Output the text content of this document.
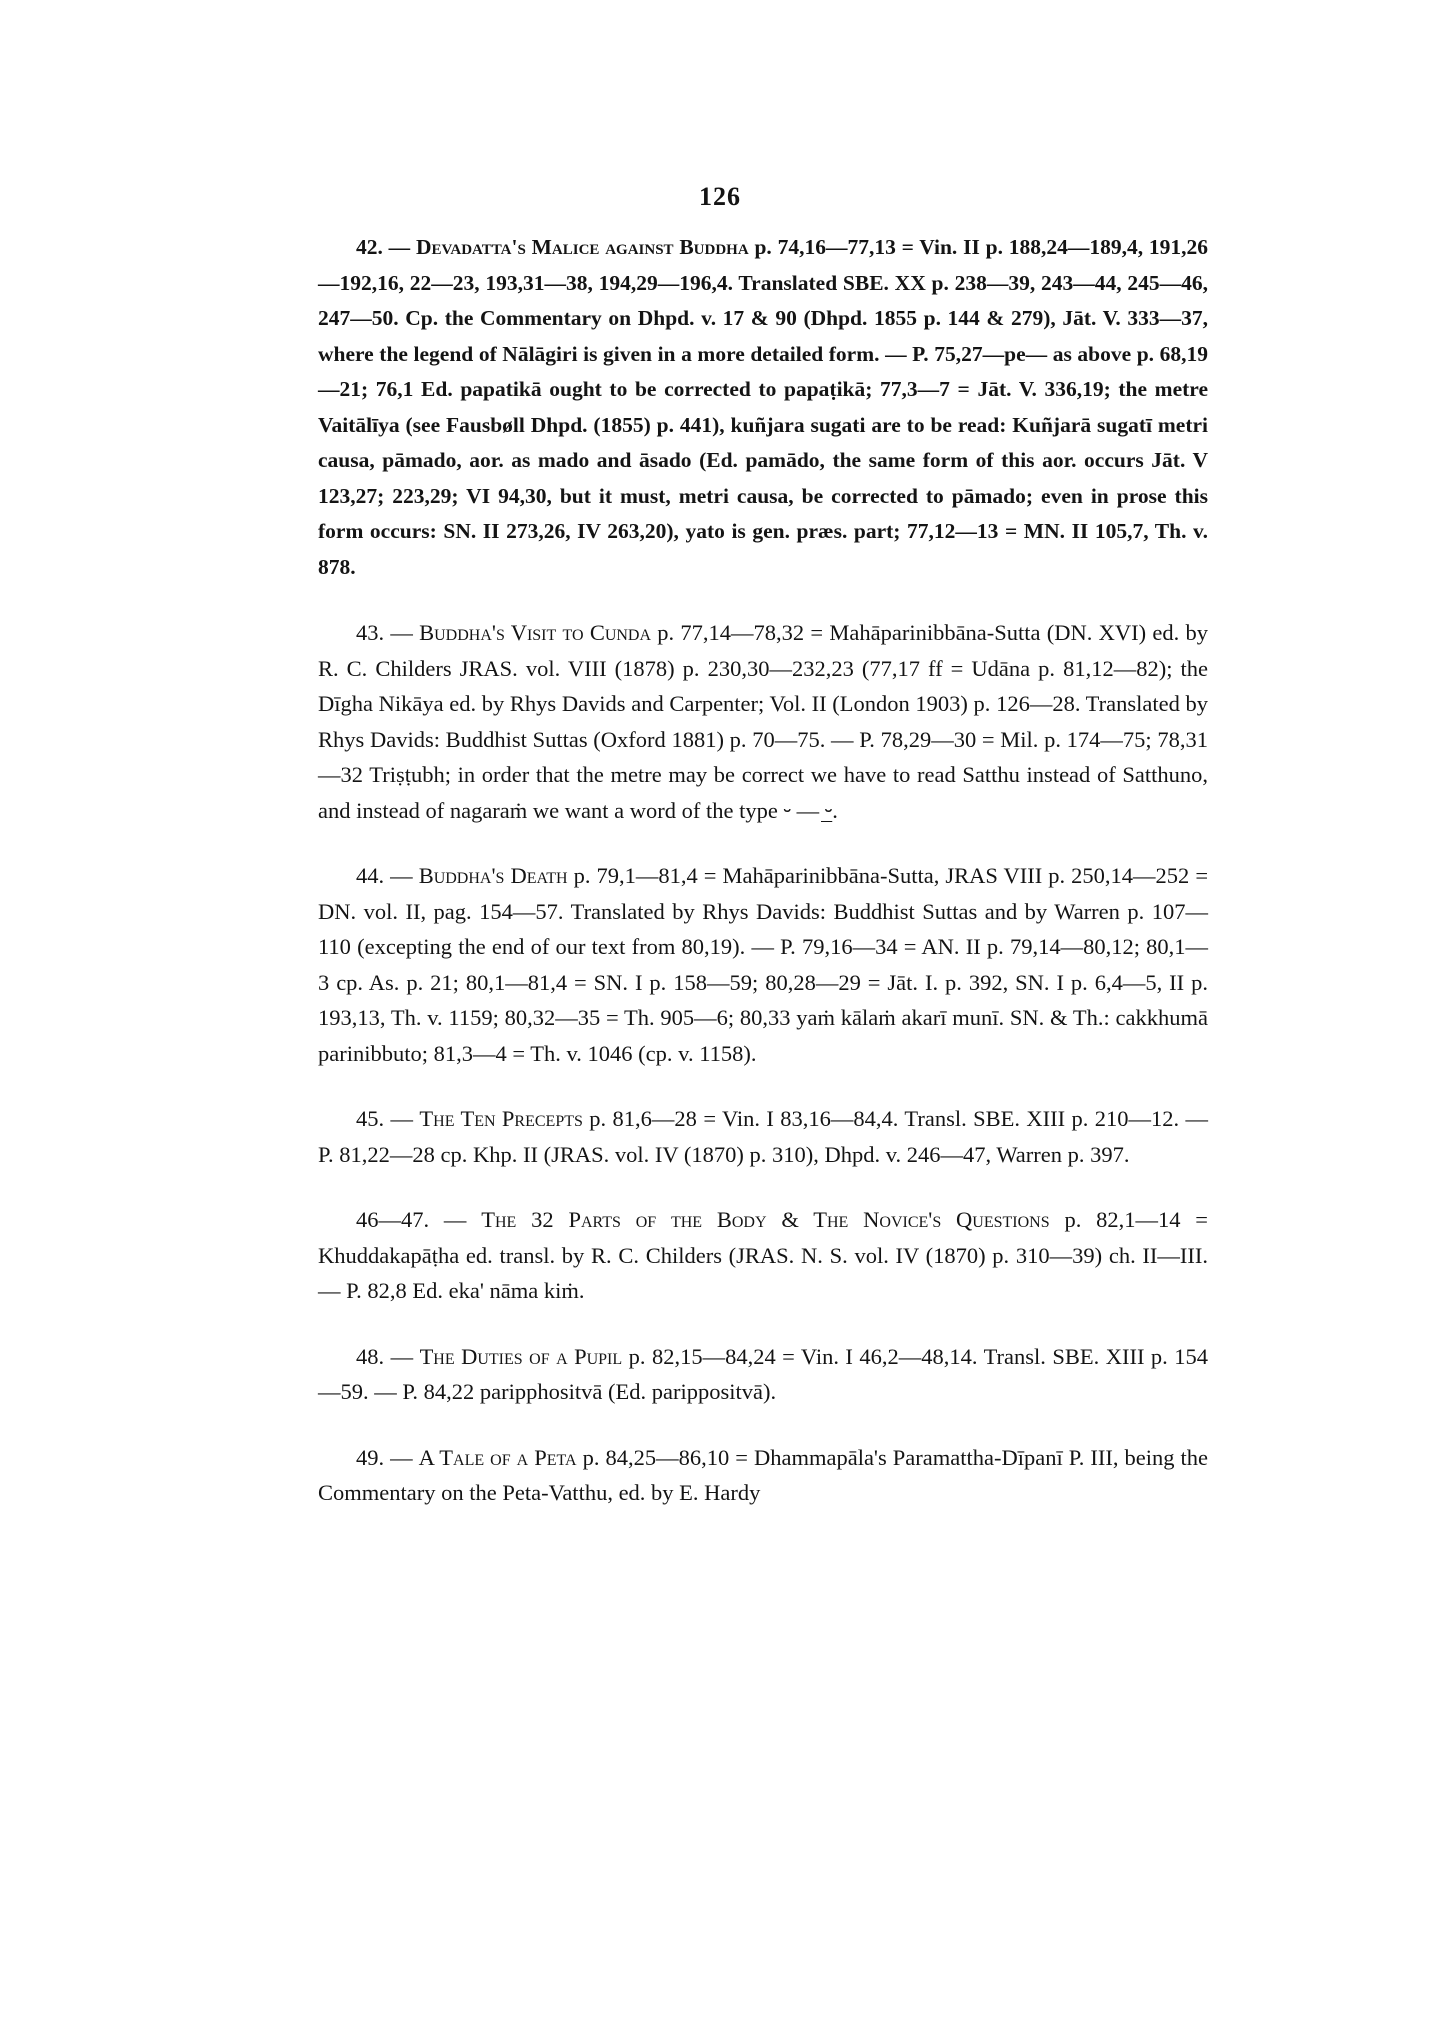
126

42. — Devadatta's Malice against Buddha p. 74,16—77,13 = Vin. II p. 188,24—189,4, 191,26—192,16, 22—23, 193,31—38, 194,29—196,4. Translated SBE. XX p. 238—39, 243—44, 245—46, 247—50. Cp. the Commentary on Dhpd. v. 17 & 90 (Dhpd. 1855 p. 144 & 279), Jāt. V. 333—37, where the legend of Nālāgiri is given in a more detailed form. — P. 75,27—pe— as above p. 68,19—21; 76,1 Ed. papatikā ought to be corrected to papaṭikā; 77,3—7 = Jāt. V. 336,19; the metre Vaitālīya (see Fausbøll Dhpd. (1855) p. 441), kuñjara sugati are to be read: Kuñjarā sugatī metri causa, pāmado, aor. as mado and āsado (Ed. pamādo, the same form of this aor. occurs Jāt. V 123,27; 223,29; VI 94,30, but it must, metri causa, be corrected to pāmado; even in prose this form occurs: SN. II 273,26, IV 263,20), yato is gen. præs. part; 77,12—13 = MN. II 105,7, Th. v. 878.

43. — Buddha's Visit to Cunda p. 77,14—78,32 = Mahāparinibbāna-Sutta (DN. XVI) ed. by R. C. Childers JRAS. vol. VIII (1878) p. 230,30—232,23 (77,17 ff = Udāna p. 81,12—82); the Dīgha Nikāya ed. by Rhys Davids and Carpenter; Vol. II (London 1903) p. 126—28. Translated by Rhys Davids: Buddhist Suttas (Oxford 1881) p. 70—75. — P. 78,29—30 = Mil. p. 174—75; 78,31—32 Triṣṭubh; in order that the metre may be correct we have to read Satthu instead of Satthuno, and instead of nagaraṁ we want a word of the type ⏑ — ⏑̲.

44. — Buddha's Death p. 79,1—81,4 = Mahāparinibbāna-Sutta, JRAS VIII p. 250,14—252 = DN. vol. II, pag. 154—57. Translated by Rhys Davids: Buddhist Suttas and by Warren p. 107—110 (excepting the end of our text from 80,19). — P. 79,16—34 = AN. II p. 79,14—80,12; 80,1—3 cp. As. p. 21; 80,1—81,4 = SN. I p. 158—59; 80,28—29 = Jāt. I. p. 392, SN. I p. 6,4—5, II p. 193,13, Th. v. 1159; 80,32—35 = Th. 905—6; 80,33 yaṁ kālaṁ akarī munī. SN. & Th.: cakkhumā parinibbuto; 81,3—4 = Th. v. 1046 (cp. v. 1158).

45. — The Ten Precepts p. 81,6—28 = Vin. I 83,16—84,4. Transl. SBE. XIII p. 210—12. — P. 81,22—28 cp. Khp. II (JRAS. vol. IV (1870) p. 310), Dhpd. v. 246—47, Warren p. 397.

46—47. — The 32 Parts of the Body & The Novice's Questions p. 82,1—14 = Khuddakapāṭha ed. transl. by R. C. Childers (JRAS. N. S. vol. IV (1870) p. 310—39) ch. II—III. — P. 82,8 Ed. eka' nāma kiṁ.

48. — The Duties of a Pupil p. 82,15—84,24 = Vin. I 46,2—48,14. Transl. SBE. XIII p. 154—59. — P. 84,22 paripphositvā (Ed. parippositvā).

49. — A Tale of a Peta p. 84,25—86,10 = Dhammapāla's Paramattha-Dīpanī P. III, being the Commentary on the Peta-Vatthu, ed. by E. Hardy
